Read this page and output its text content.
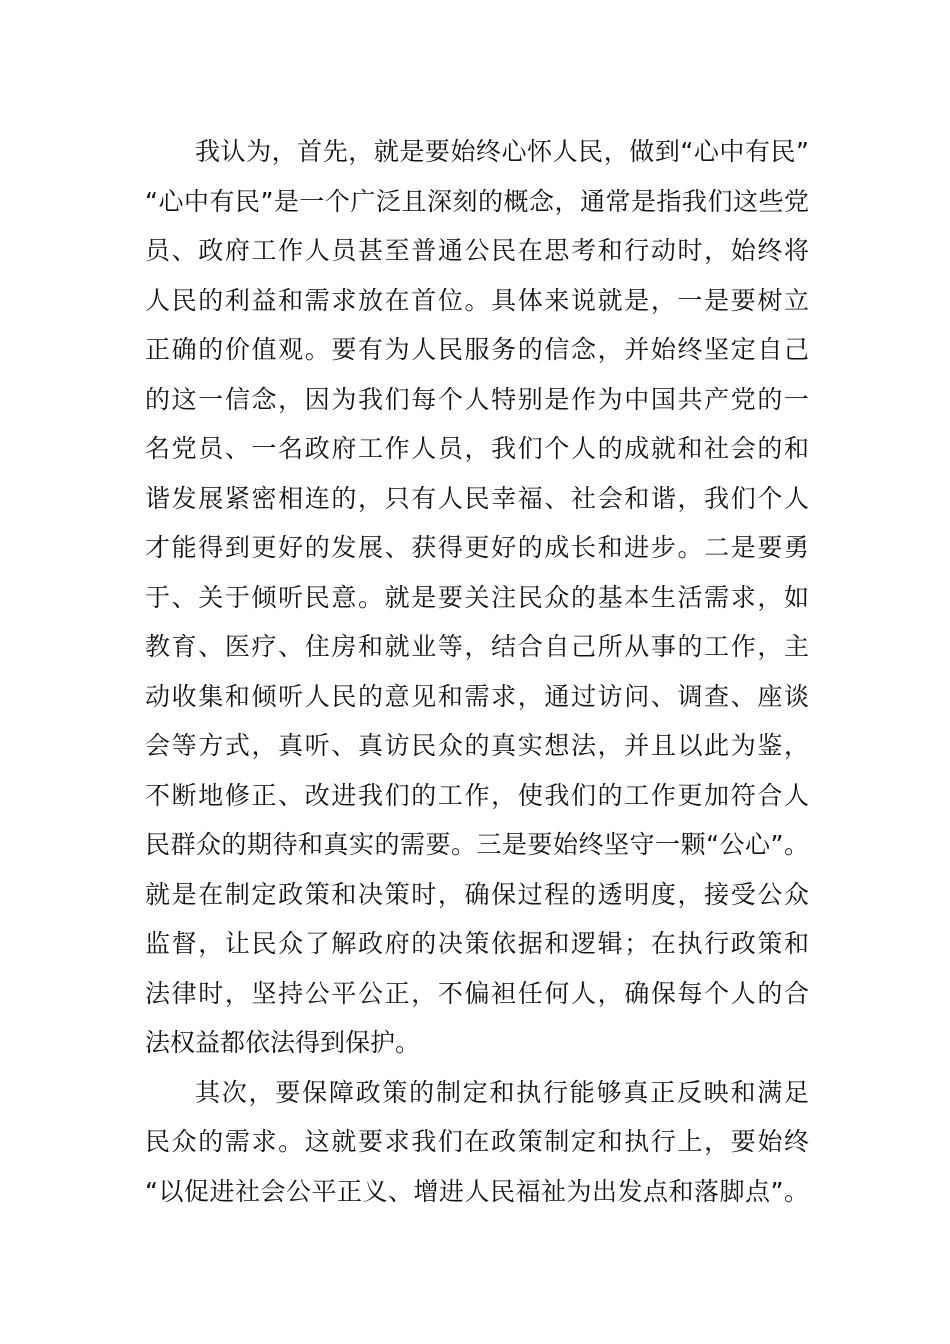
我认为，首先，就是要始终心怀人民，做到“心中有民”
“心中有民”是一个广泛且深刻的概念，通常是指我们这些党
员、政府工作人员甚至普通公民在思考和行动时，始终将
人民的利益和需求放在首位。具体来说就是，一是要树立
正确的价值观。要有为人民服务的信念，并始终坚定自己
的这一信念，因为我们每个人特别是作为中国共产党的一
名党员、一名政府工作人员，我们个人的成就和社会的和
谐发展紧密相连的，只有人民幸福、社会和谐，我们个人
才能得到更好的发展、获得更好的成长和进步。二是要勇
于、关于倾听民意。就是要关注民众的基本生活需求，如
教育、医疗、住房和就业等，结合自己所从事的工作，主
动收集和倾听人民的意见和需求，通过访问、调查、座谈
会等方式，真听、真访民众的真实想法，并且以此为鉴，
不断地修正、改进我们的工作，使我们的工作更加符合人
民群众的期待和真实的需要。三是要始终坚守一颗“公心”。
就是在制定政策和决策时，确保过程的透明度，接受公众
监督，让民众了解政府的决策依据和逻辑；在执行政策和
法律时，坚持公平公正，不偏袒任何人，确保每个人的合
法权益都依法得到保护。
其次，要保障政策的制定和执行能够真正反映和满足
民众的需求。这就要求我们在政策制定和执行上，要始终
“以促进社会公平正义、增进人民福祉为出发点和落脚点”。
